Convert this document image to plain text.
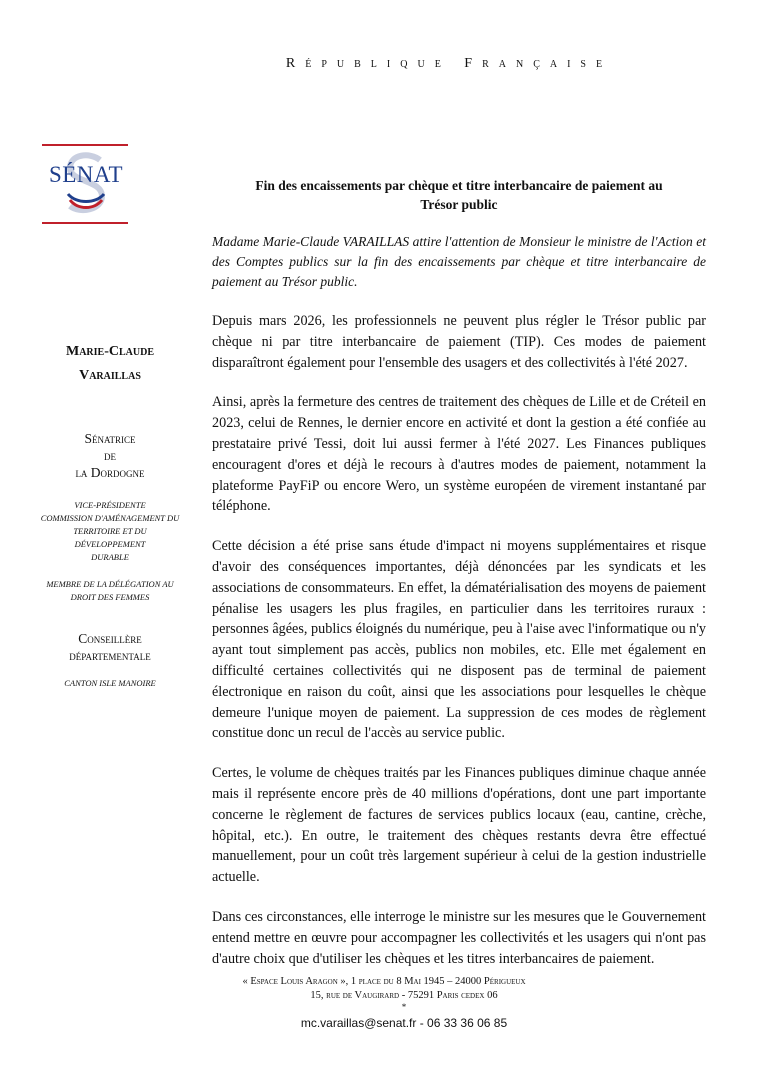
République Française
SÉNAT
Marie-Claude
Varaillas
Sénatrice
de
la Dordogne
VICE-PRÉSIDENTE
COMMISSION D'AMÉNAGEMENT DU
TERRITOIRE ET DU DÉVELOPPEMENT
DURABLE
MEMBRE DE LA DÉLÉGATION AU
DROIT DES FEMMES
Conseillère
départementale
CANTON ISLE MANOIRE
Fin des encaissements par chèque et titre interbancaire de paiement au
Trésor public
Madame Marie-Claude VARAILLAS attire l'attention de Monsieur le ministre de l'Action et des Comptes publics sur la fin des encaissements par chèque et titre interbancaire de paiement au Trésor public.
Depuis mars 2026, les professionnels ne peuvent plus régler le Trésor public par chèque ni par titre interbancaire de paiement (TIP). Ces modes de paiement disparaîtront également pour l'ensemble des usagers et des collectivités à l'été 2027.
Ainsi, après la fermeture des centres de traitement des chèques de Lille et de Créteil en 2023, celui de Rennes, le dernier encore en activité et dont la gestion a été confiée au prestataire privé Tessi, doit lui aussi fermer à l'été 2027. Les Finances publiques encouragent d'ores et déjà le recours à d'autres modes de paiement, notamment la plateforme PayFiP ou encore Wero, un système européen de virement instantané par téléphone.
Cette décision a été prise sans étude d'impact ni moyens supplémentaires et risque d'avoir des conséquences importantes, déjà dénoncées par les syndicats et les associations de consommateurs. En effet, la dématérialisation des moyens de paiement pénalise les usagers les plus fragiles, en particulier dans les territoires ruraux : personnes âgées, publics éloignés du numérique, peu à l'aise avec l'informatique ou n'y ayant tout simplement pas accès, publics non mobiles, etc. Elle met également en difficulté certaines collectivités qui ne disposent pas de terminal de paiement électronique en raison du coût, ainsi que les associations pour lesquelles le chèque demeure l'unique moyen de paiement. La suppression de ces modes de règlement constitue donc un recul de l'accès au service public.
Certes, le volume de chèques traités par les Finances publiques diminue chaque année mais il représente encore près de 40 millions d'opérations, dont une part importante concerne le règlement de factures de services publics locaux (eau, cantine, crèche, hôpital, etc.). En outre, le traitement des chèques restants devra être effectué manuellement, pour un coût très largement supérieur à celui de la gestion industrielle actuelle.
Dans ces circonstances, elle interroge le ministre sur les mesures que le Gouvernement entend mettre en œuvre pour accompagner les collectivités et les usagers qui n'ont pas d'autre choix que d'utiliser les chèques et les titres interbancaires de paiement.
« Espace Louis Aragon », 1 place du 8 Mai 1945 – 24000 Périgueux
15, rue de Vaugirard - 75291 Paris cedex 06
*
mc.varaillas@senat.fr - 06 33 36 06 85
